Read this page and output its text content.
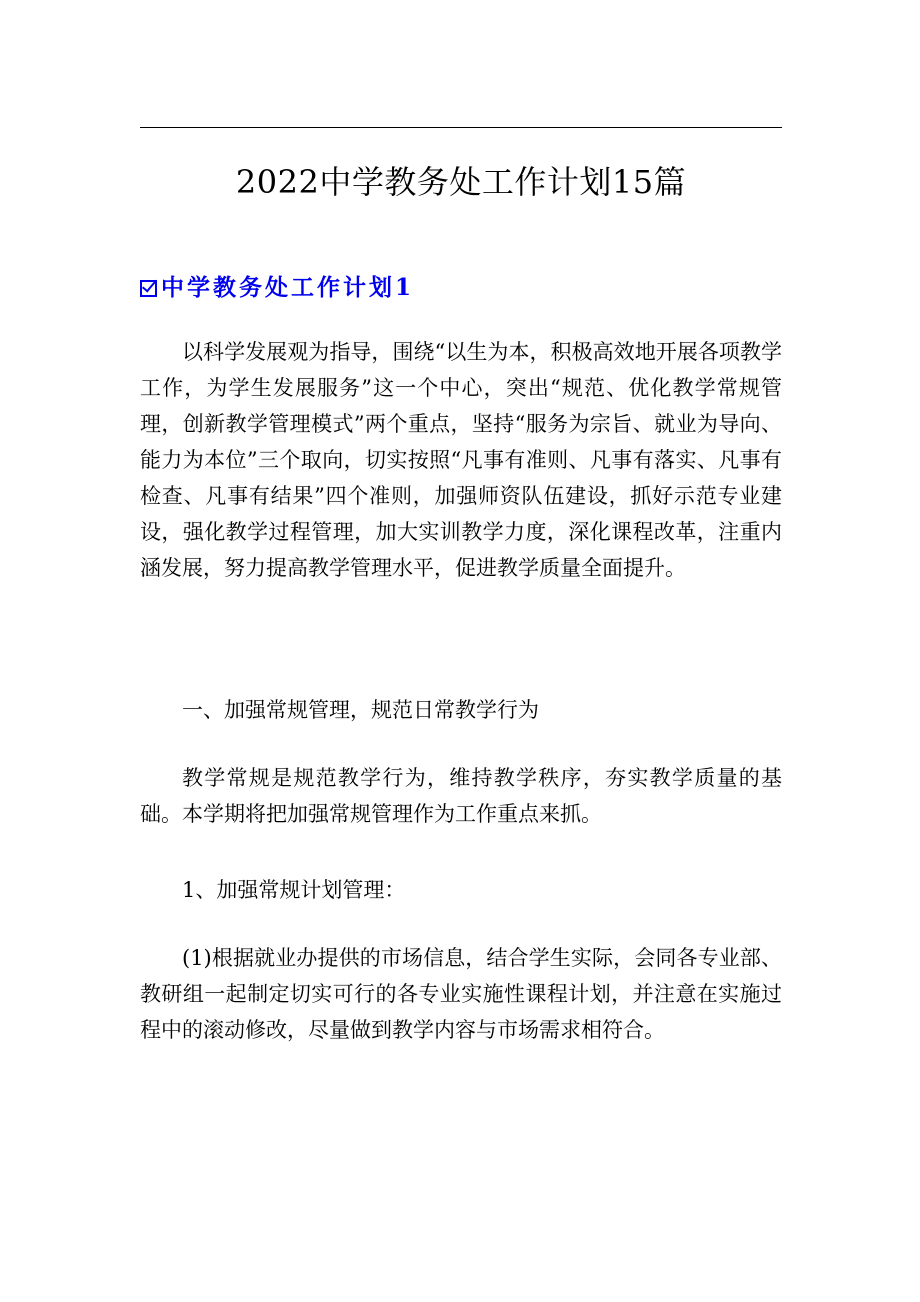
2022中学教务处工作计划15篇
中学教务处工作计划1

以科学发展观为指导，围绕“以生为本，积极高效地开展各项教学工作，为学生发展服务”这一个中心，突出“规范、优化教学常规管理，创新教学管理模式”两个重点，坚持“服务为宗旨、就业为导向、能力为本位”三个取向，切实按照“凡事有准则、凡事有落实、凡事有检查、凡事有结果”四个准则，加强师资队伍建设，抓好示范专业建设，强化教学过程管理，加大实训教学力度，深化课程改革，注重内涵发展，努力提高教学管理水平，促进教学质量全面提升。

一、加强常规管理，规范日常教学行为

教学常规是规范教学行为，维持教学秩序，夯实教学质量的基础。本学期将把加强常规管理作为工作重点来抓。

1、加强常规计划管理：

(1)根据就业办提供的市场信息，结合学生实际，会同各专业部、教研组一起制定切实可行的各专业实施性课程计划，并注意在实施过程中的滚动修改，尽量做到教学内容与市场需求相符合。
